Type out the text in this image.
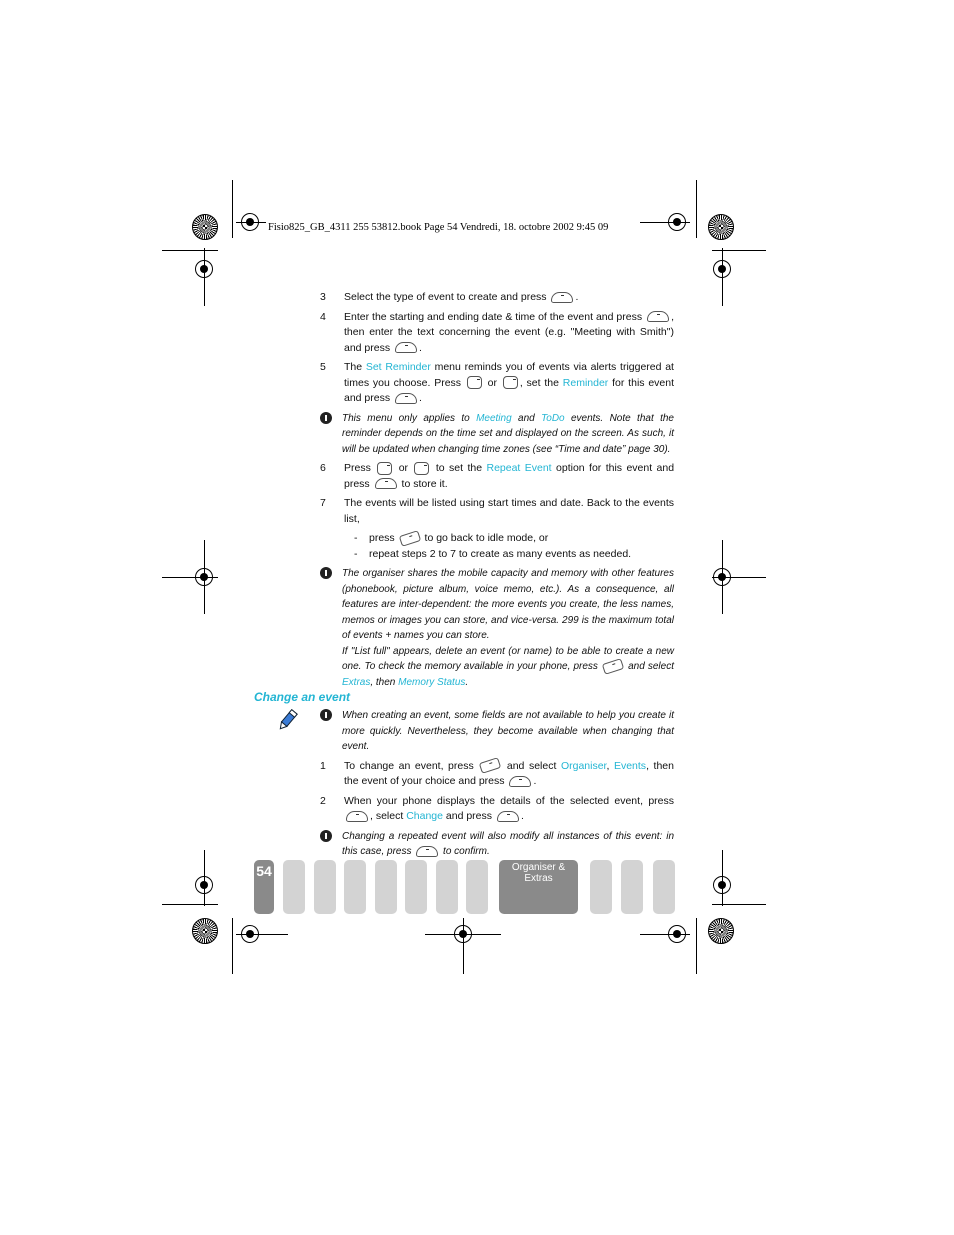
Fisio825_GB_4311 255 53812.book Page 54 Vendredi, 18. octobre 2002 9:45 09
3 Select the type of event to create and press	.
4 Enter the starting and ending date & time of the event and press	, then enter the text concerning the event (e.g. "Meeting with Smith") and press	.
5 The Set Reminder menu reminds you of events via alerts triggered at times you choose. Press	or , set the Reminder for this event and press	.
This menu only applies to Meeting and ToDo events. Note that the reminder depends on the time set and displayed on the screen. As such, it will be updated when changing time zones (see “Time and date” page 30).
6 Press	or	to set the Repeat Event option for this event and press	to store it.
7 The events will be listed using start times and date. Back to the events list,
- press	to go back to idle mode, or
- repeat steps 2 to 7 to create as many events as needed.
The organiser shares the mobile capacity and memory with other features (phonebook, picture album, voice memo, etc.). As a consequence, all features are inter-dependent: the more events you create, the less names, memos or images you can store, and vice-versa. 299 is the maximum total of events + names you can store.
If "List full" appears, delete an event (or name) to be able to create a new one. To check the memory available in your phone, press	and select Extras, then Memory Status.
Change an event
When creating an event, some fields are not available to help you create it more quickly. Nevertheless, they become available when changing that event.
1 To change an event, press	and select Organiser, Events, then the event of your choice and press	.
2 When your phone displays the details of the selected event, press , select Change and press	.
Changing a repeated event will also modify all instances of this event: in this case, press	to confirm.
54	Organiser &
Extras
